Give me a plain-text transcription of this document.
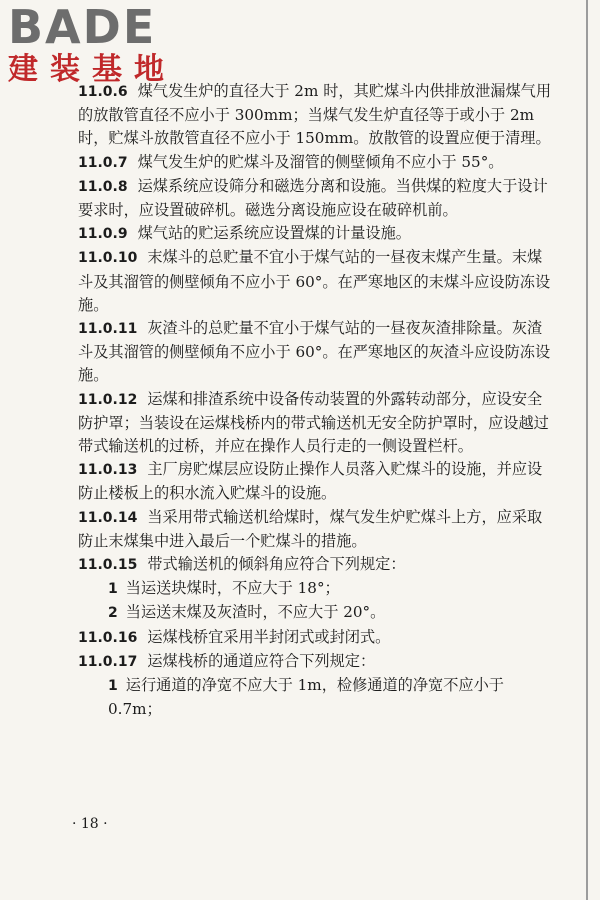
BADE
建装基地

11.0.6 煤气发生炉的直径大于 2m 时，其贮煤斗内供排放泄漏煤气用的放散管直径不应小于 300mm；当煤气发生炉直径等于或小于 2m 时，贮煤斗放散管直径不应小于 150mm。放散管的设置应便于清理。

11.0.7 煤气发生炉的贮煤斗及溜管的侧壁倾角不应小于 55°。

11.0.8 运煤系统应设筛分和磁选分离和设施。当供煤的粒度大于设计要求时，应设置破碎机。磁选分离设施应设在破碎机前。

11.0.9 煤气站的贮运系统应设置煤的计量设施。

11.0.10 末煤斗的总贮量不宜小于煤气站的一昼夜末煤产生量。末煤斗及其溜管的侧壁倾角不应小于 60°。在严寒地区的末煤斗应设防冻设施。

11.0.11 灰渣斗的总贮量不宜小于煤气站的一昼夜灰渣排除量。灰渣斗及其溜管的侧壁倾角不应小于 60°。在严寒地区的灰渣斗应设防冻设施。

11.0.12 运煤和排渣系统中设备传动装置的外露转动部分，应设安全防护罩；当装设在运煤栈桥内的带式输送机无安全防护罩时，应设越过带式输送机的过桥，并应在操作人员行走的一侧设置栏杆。

11.0.13 主厂房贮煤层应设防止操作人员落入贮煤斗的设施，并应设防止楼板上的积水流入贮煤斗的设施。

11.0.14 当采用带式输送机给煤时，煤气发生炉贮煤斗上方，应采取防止末煤集中进入最后一个贮煤斗的措施。

11.0.15 带式输送机的倾斜角应符合下列规定：

1 当运送块煤时，不应大于 18°；

2 当运送末煤及灰渣时，不应大于 20°。

11.0.16 运煤栈桥宜采用半封闭式或封闭式。

11.0.17 运煤栈桥的通道应符合下列规定：

1 运行通道的净宽不应大于 1m，检修通道的净宽不应小于 0.7m；

· 18 ·
